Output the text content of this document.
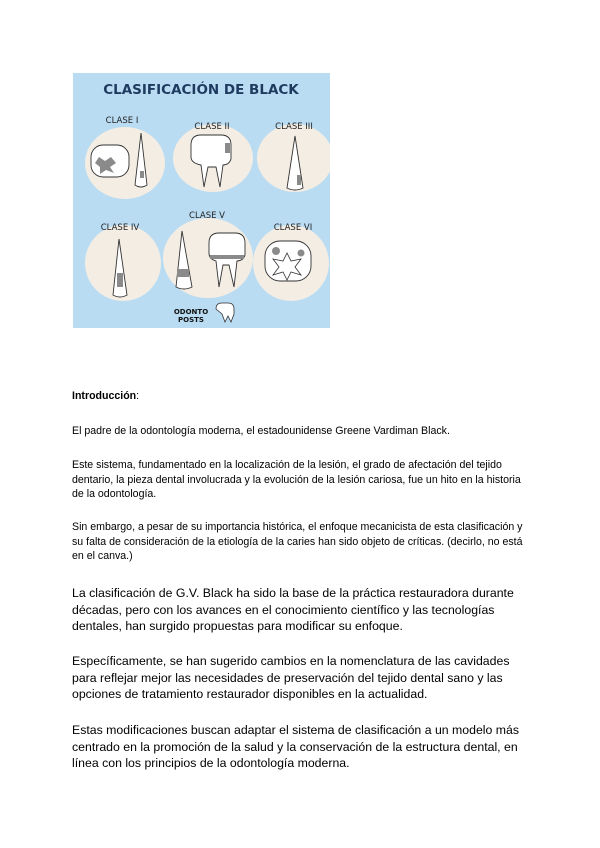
CLASIFICACIÓN DE BLACK
CLASE I
CLASE II	CLASE III
CLASE IV
CLASE V
CLASE VI
ODONTO
POSTS

Introducción:

El padre de la odontología moderna, el estadounidense Greene Vardiman Black.

Este sistema, fundamentado en la localización de la lesión, el grado de afectación del tejido dentario, la pieza dental involucrada y la evolución de la lesión cariosa, fue un hito en la historia de la odontología.

Sin embargo, a pesar de su importancia histórica, el enfoque mecanicista de esta clasificación y su falta de consideración de la etiología de la caries han sido objeto de críticas. (decirlo, no está en el canva.)

La clasificación de G.V. Black ha sido la base de la práctica restauradora durante décadas, pero con los avances en el conocimiento científico y las tecnologías dentales, han surgido propuestas para modificar su enfoque.

Específicamente, se han sugerido cambios en la nomenclatura de las cavidades para reflejar mejor las necesidades de preservación del tejido dental sano y las opciones de tratamiento restaurador disponibles en la actualidad.

Estas modificaciones buscan adaptar el sistema de clasificación a un modelo más centrado en la promoción de la salud y la conservación de la estructura dental, en línea con los principios de la odontología moderna.
